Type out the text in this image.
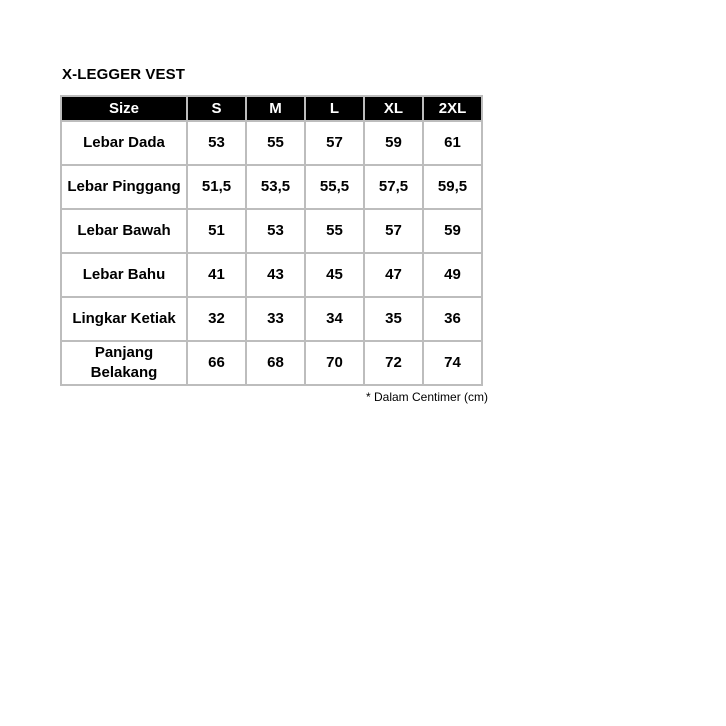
X-LEGGER VEST
Size	S	M	L	XL	2XL
Lebar Dada	53	55	57	59	61
Lebar Pinggang	51,5	53,5	55,5	57,5	59,5
Lebar Bawah	51	53	55	57	59
Lebar Bahu	41	43	45	47	49
Lingkar Ketiak	32	33	34	35	36
Panjang Belakang	66	68	70	72	74
* Dalam Centimer (cm)
